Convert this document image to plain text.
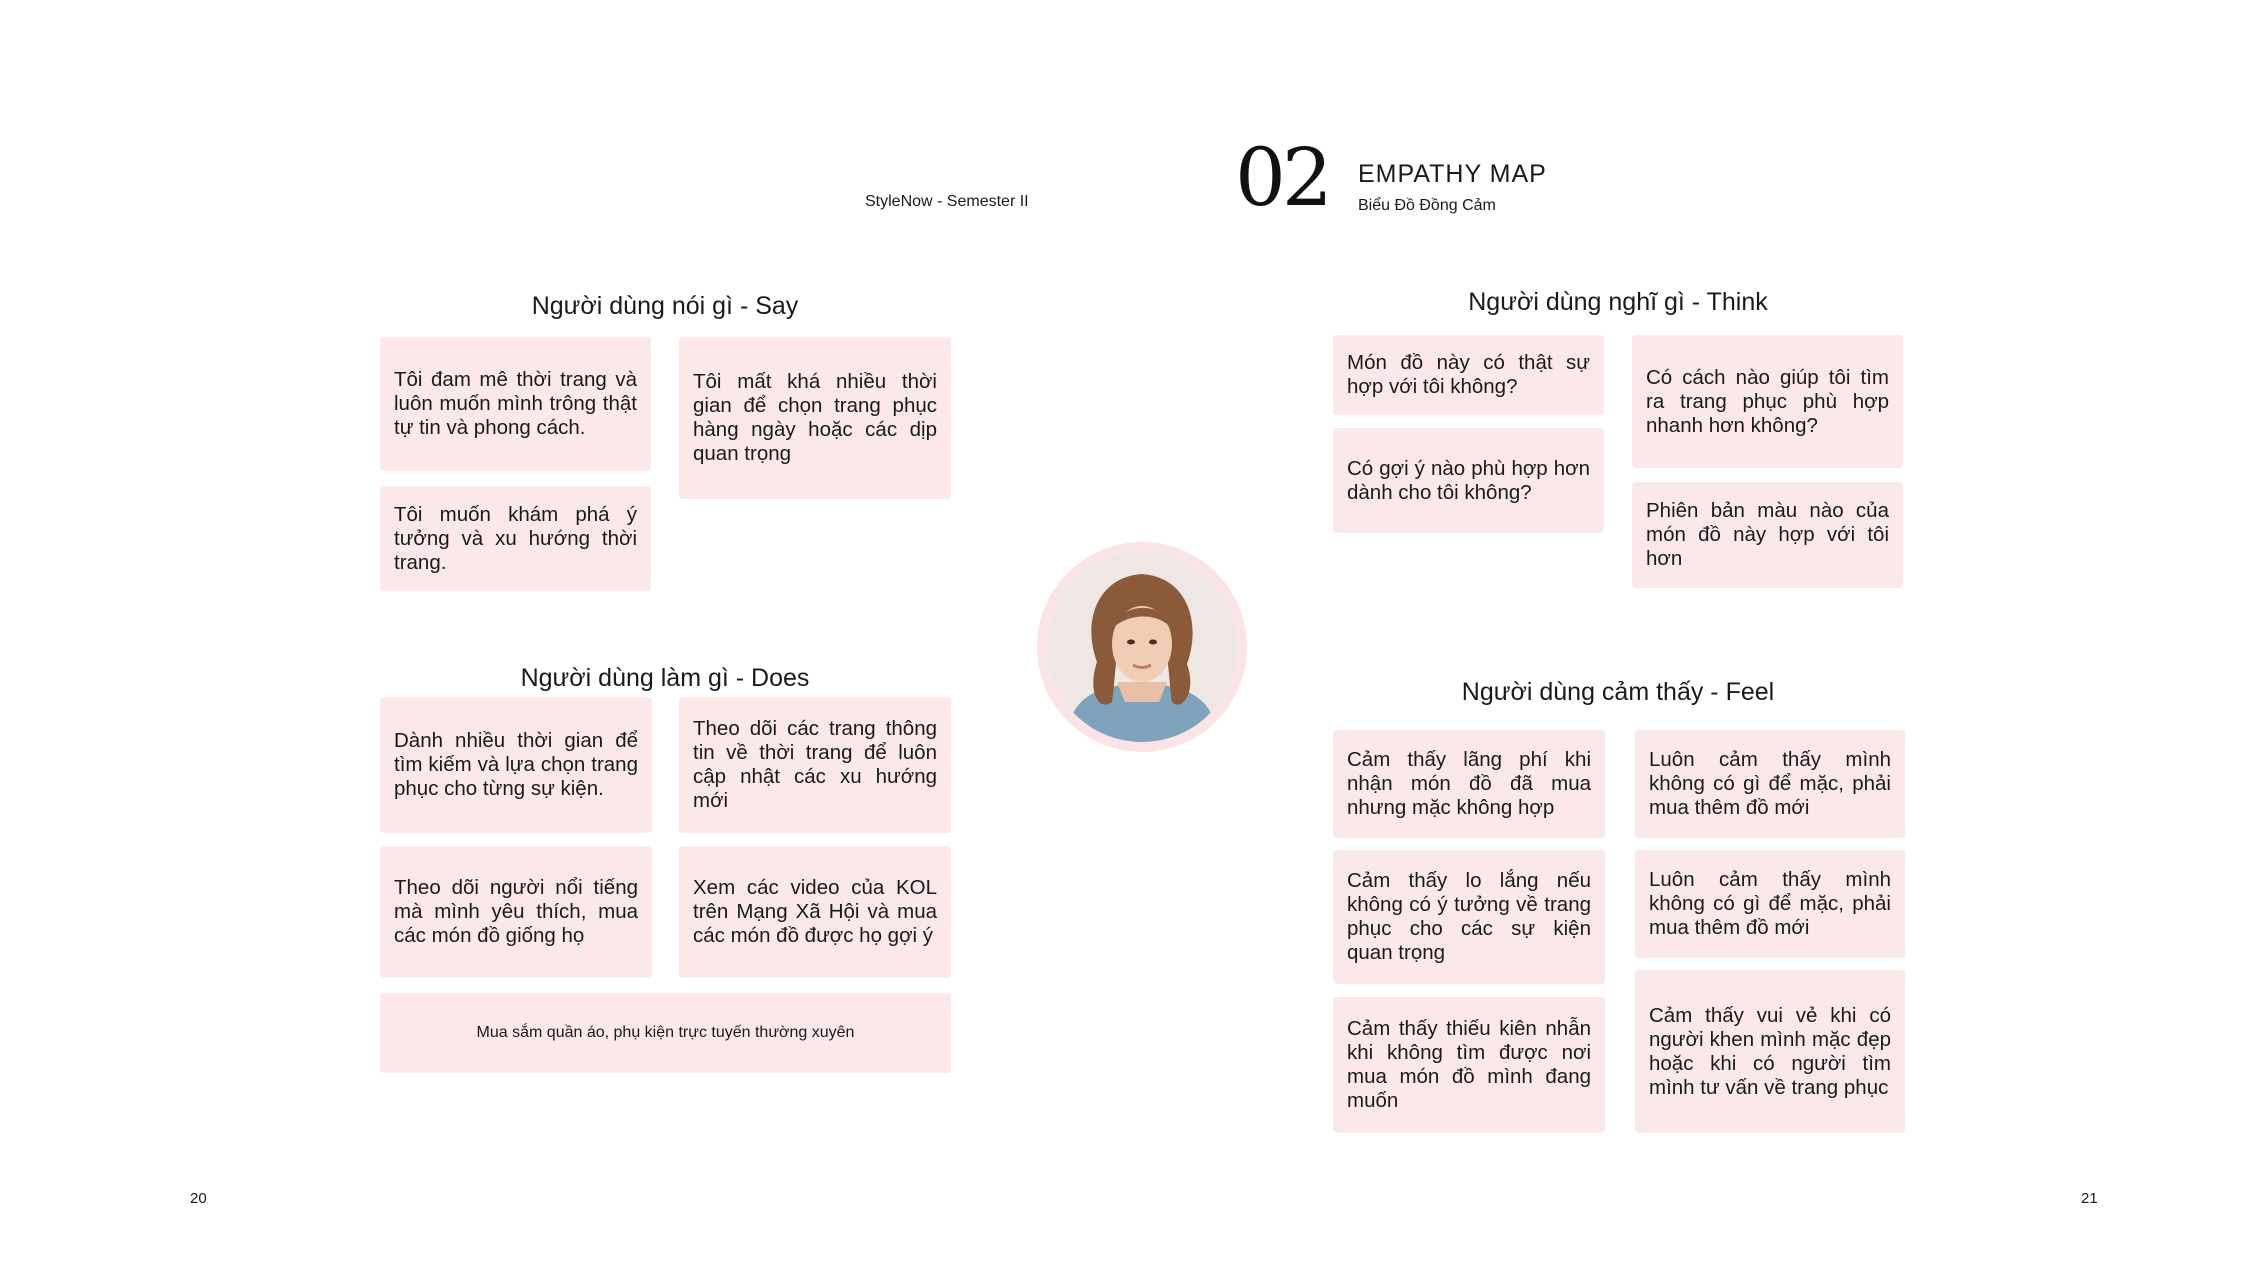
StyleNow - Semester II	02 EMPATHY MAP
Biểu Đồ Đồng Cảm
Người dùng nói gì - Say
Tôi đam mê thời trang và luôn muốn mình trông thật tự tin và phong cách.
Tôi mất khá nhiều thời gian để chọn trang phục hàng ngày hoặc các dịp quan trọng
Tôi muốn khám phá ý tưởng và xu hướng thời trang.
Người dùng nghĩ gì - Think
Món đồ này có thật sự hợp với tôi không?	Có cách nào giúp tôi tìm ra trang phục phù hợp nhanh hơn không?
Có gợi ý nào phù hợp hơn dành cho tôi không?
Phiên bản màu nào của món đồ này hợp với tôi hơn
Người dùng làm gì - Does
Dành nhiều thời gian để tìm kiếm và lựa chọn trang phục cho từng sự kiện.
Theo dõi các trang thông tin về thời trang để luôn cập nhật các xu hướng mới
Theo dõi người nổi tiếng mà mình yêu thích, mua các món đồ giống họ
Xem các video của KOL trên Mạng Xã Hội và mua các món đồ được họ gợi ý
Mua sắm quần áo, phụ kiện trực tuyến thường xuyên
Người dùng cảm thấy - Feel
Cảm thấy lãng phí khi nhận món đồ đã mua nhưng mặc không hợp
Luôn cảm thấy mình không có gì để mặc, phải mua thêm đồ mới
Cảm thấy lo lắng nếu không có ý tưởng về trang phục cho các sự kiện quan trọng
Luôn cảm thấy mình không có gì để mặc, phải mua thêm đồ mới
Cảm thấy thiếu kiên nhẫn khi không tìm được nơi mua món đồ mình đang muốn
Cảm thấy vui vẻ khi có người khen mình mặc đẹp hoặc khi có người tìm mình tư vấn về trang phục
20	21
